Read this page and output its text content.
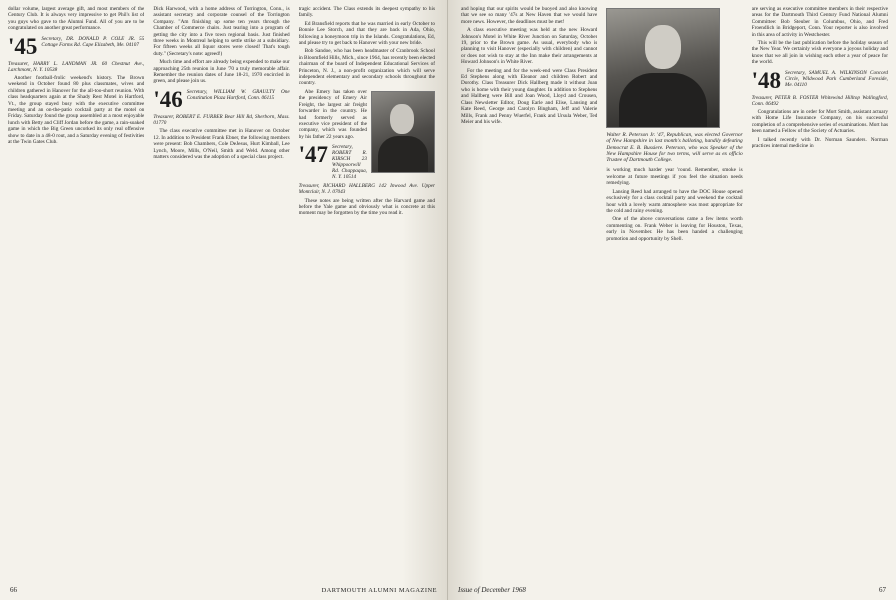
dollar volume, largest average gift, and most members of the Century Club. It is always very impressive to get Phil's list of you guys who gave to the Alumni Fund. All of you are to be congratulated on another great performance.

'45 Secretary, DR. DONALD P. COLE JR. 55 Cottage Farms Rd. Cape Elizabeth, Me. 04107
Treasurer, HARRY L. LANDMAN JR. 60 Chestnut Ave., Larchmont, N. Y. 10538

Another football-frolic weekend's history. The Brown weekend in October found 80 plus classmates, wives and children gathered in Hanover for the all-too-short reunion. With class headquarters again at the Shady Rest Motel in Hartford, Vt., the group stayed busy with the executive committee meeting and an on-the-patio cocktail party at the motel on Friday. Saturday found the group assembled at a most enjoyable lunch with Betty and Cliff Jordan before the game, a rain-soaked game in which the Big Green uncorked its only real offensive show to date in a 48-0 rout, and a Saturday evening of festivities at the Twin Gates Club.

Dick Harwood, with a home address of Torrington, Conn., is assistant secretary and corporate counsel of the Torrington Company. "Am finishing up some ten years through the Chamber of Commerce chairs. Just tearing into a program of getting the city into a five town regional basis. Just finished three weeks in Montreal helping to settle strike at a subsidiary. For fifteen weeks all liquor stores were closed! That's tough duty." (Secretary's note: agreed!)

Much time and effort are already being expended to make our approaching 25th reunion in June '70 a truly memorable affair. Remember the reunion dates of June 18-21, 1970 encircled in green, and please join us.

'46 Secretary, WILLIAM W. GRAULTY One Constitution Plaza Hartford, Conn. 06115
Treasurer, ROBERT E. FURBER Bear Hill Rd, Sherborn, Mass. 01770

The class executive committee met in Hanover on October 12. In addition to President Frank Ebner, the following members were present: Bob Chambers, Cole DeJesus, Hurt Kimball, Lee Lynch, Moore, Mills, O'Neil, Smith and Weld. Among other matters considered was the adoption of a special class project.

tragic accident. The Class extends its deepest sympathy to his family.

Ed Bransfield reports that he was married in early October to Bonnie Lee Storch, and that they are back in Ada, Ohio, following a honeymoon trip in the Islands. Congratulations, Ed, and please try to get back to Hanover with your new bride.

Bob Sandoe, who has been headmaster of Cranbrook School in Bloomfield Hills, Mich., since 1964, has recently been elected chairman of the board of Independent Educational Services of Princeton, N. J., a non-profit organization which will serve independent elementary and secondary schools throughout the country.

Abe Emery has taken over the presidency of Emery Air Freight, the largest air freight forwarder in the country. He had formerly served as executive vice president of the company, which was founded by his father 22 years ago.

'47 Secretary, ROBERT R. KIRSCH 23 Whippoorwill Rd. Chappaqua, N. Y. 10514
Treasurer, RICHARD HALLBERG 142 Inwood Ave. Upper Montclair, N. J. 07043

These notes are being written after the Harvard game and before the Yale game and obviously what is concrete at this moment may be forgotten by the time you read it.

66	DARTMOUTH ALUMNI MAGAZINE

and hoping that our spirits would be buoyed and also knowing that we see so many '47s at New Haven that we would have more news. However, the deadlines must be met!

A class executive meeting was held at the new Howard Johnson's Motel in White River Junction on Saturday, October 19, prior to the Brown game. As usual, everybody who is planning to visit Hanover (especially with children) and cannot or does not wish to stay at the Inn make their arrangements at Howard Johnson's in White River.

For the meeting and for the week-end were Class President Ed Stephens along with Eleanor and children Robert and Dorothy. Class Treasurer Dick Hallberg made it without Joan who is home with their young daughter. In addition to Stephens and Hallberg were Bill and Joan Wood, Lloyd and Crousen, Class Newsletter Editor, Doug Earle and Elise, Lansing and Kate Reed, George and Carolyn Bingham, Jeff and Valerie Mills, Frank and Penny Wuerfel, Frank and Ursula Weber, Ted Meier and his wife.

Walter R. Peterson Jr. '47, Republican, was elected Governor of New Hampshire in last month's balloting, handily defeating Democrat E. B. Bussiere. Peterson, who was Speaker of the New Hampshire House for two terms, will serve as ex officio Trustee of Dartmouth College.

is working much harder year 'round. Remember, smoke is welcome at future meetings if you feel the situation needs remedying.

Lansing Reed had arranged to have the DOC House opened exclusively for a class cocktail party and weekend the cocktail hour with a lovely warm atmosphere was most appropriate for the cold and rainy evening.

One of the above conversations came a few items worth commenting on. Frank Weber is leaving for Houston, Texas, early in November. He has been handed a challenging promotion and opportunity by Shell.

are serving as executive committee members in their respective areas for the Dartmouth Third Century Fund National Alumni Committee: Bob Steuber in Columbus, Ohio, and Fred Froendlich in Bridgeport, Conn. Your reporter is also involved in this area of activity in Westchester.

This will be the last publication before the holiday season of the New Year. We certainly wish everyone a joyous holiday and know that we all join in wishing each other a year of peace for the world.

'48 Secretary, SAMUEL A. WILKINSON Concord Circle, Wildwood Park Cumberland Foreside, Me. 04110
Treasurer, PETER B. FOSTER Whitewind Hilltop Wallingford, Conn. 06492

Congratulations are in order for Mort Smith, assistant actuary with Home Life Insurance Company, on his successful completion of a comprehensive series of examinations. Mort has been named a Fellow of the Society of Actuaries.

I talked recently with Dr. Norman Saunders. Norman practices internal medicine in

Issue of December 1968	67
